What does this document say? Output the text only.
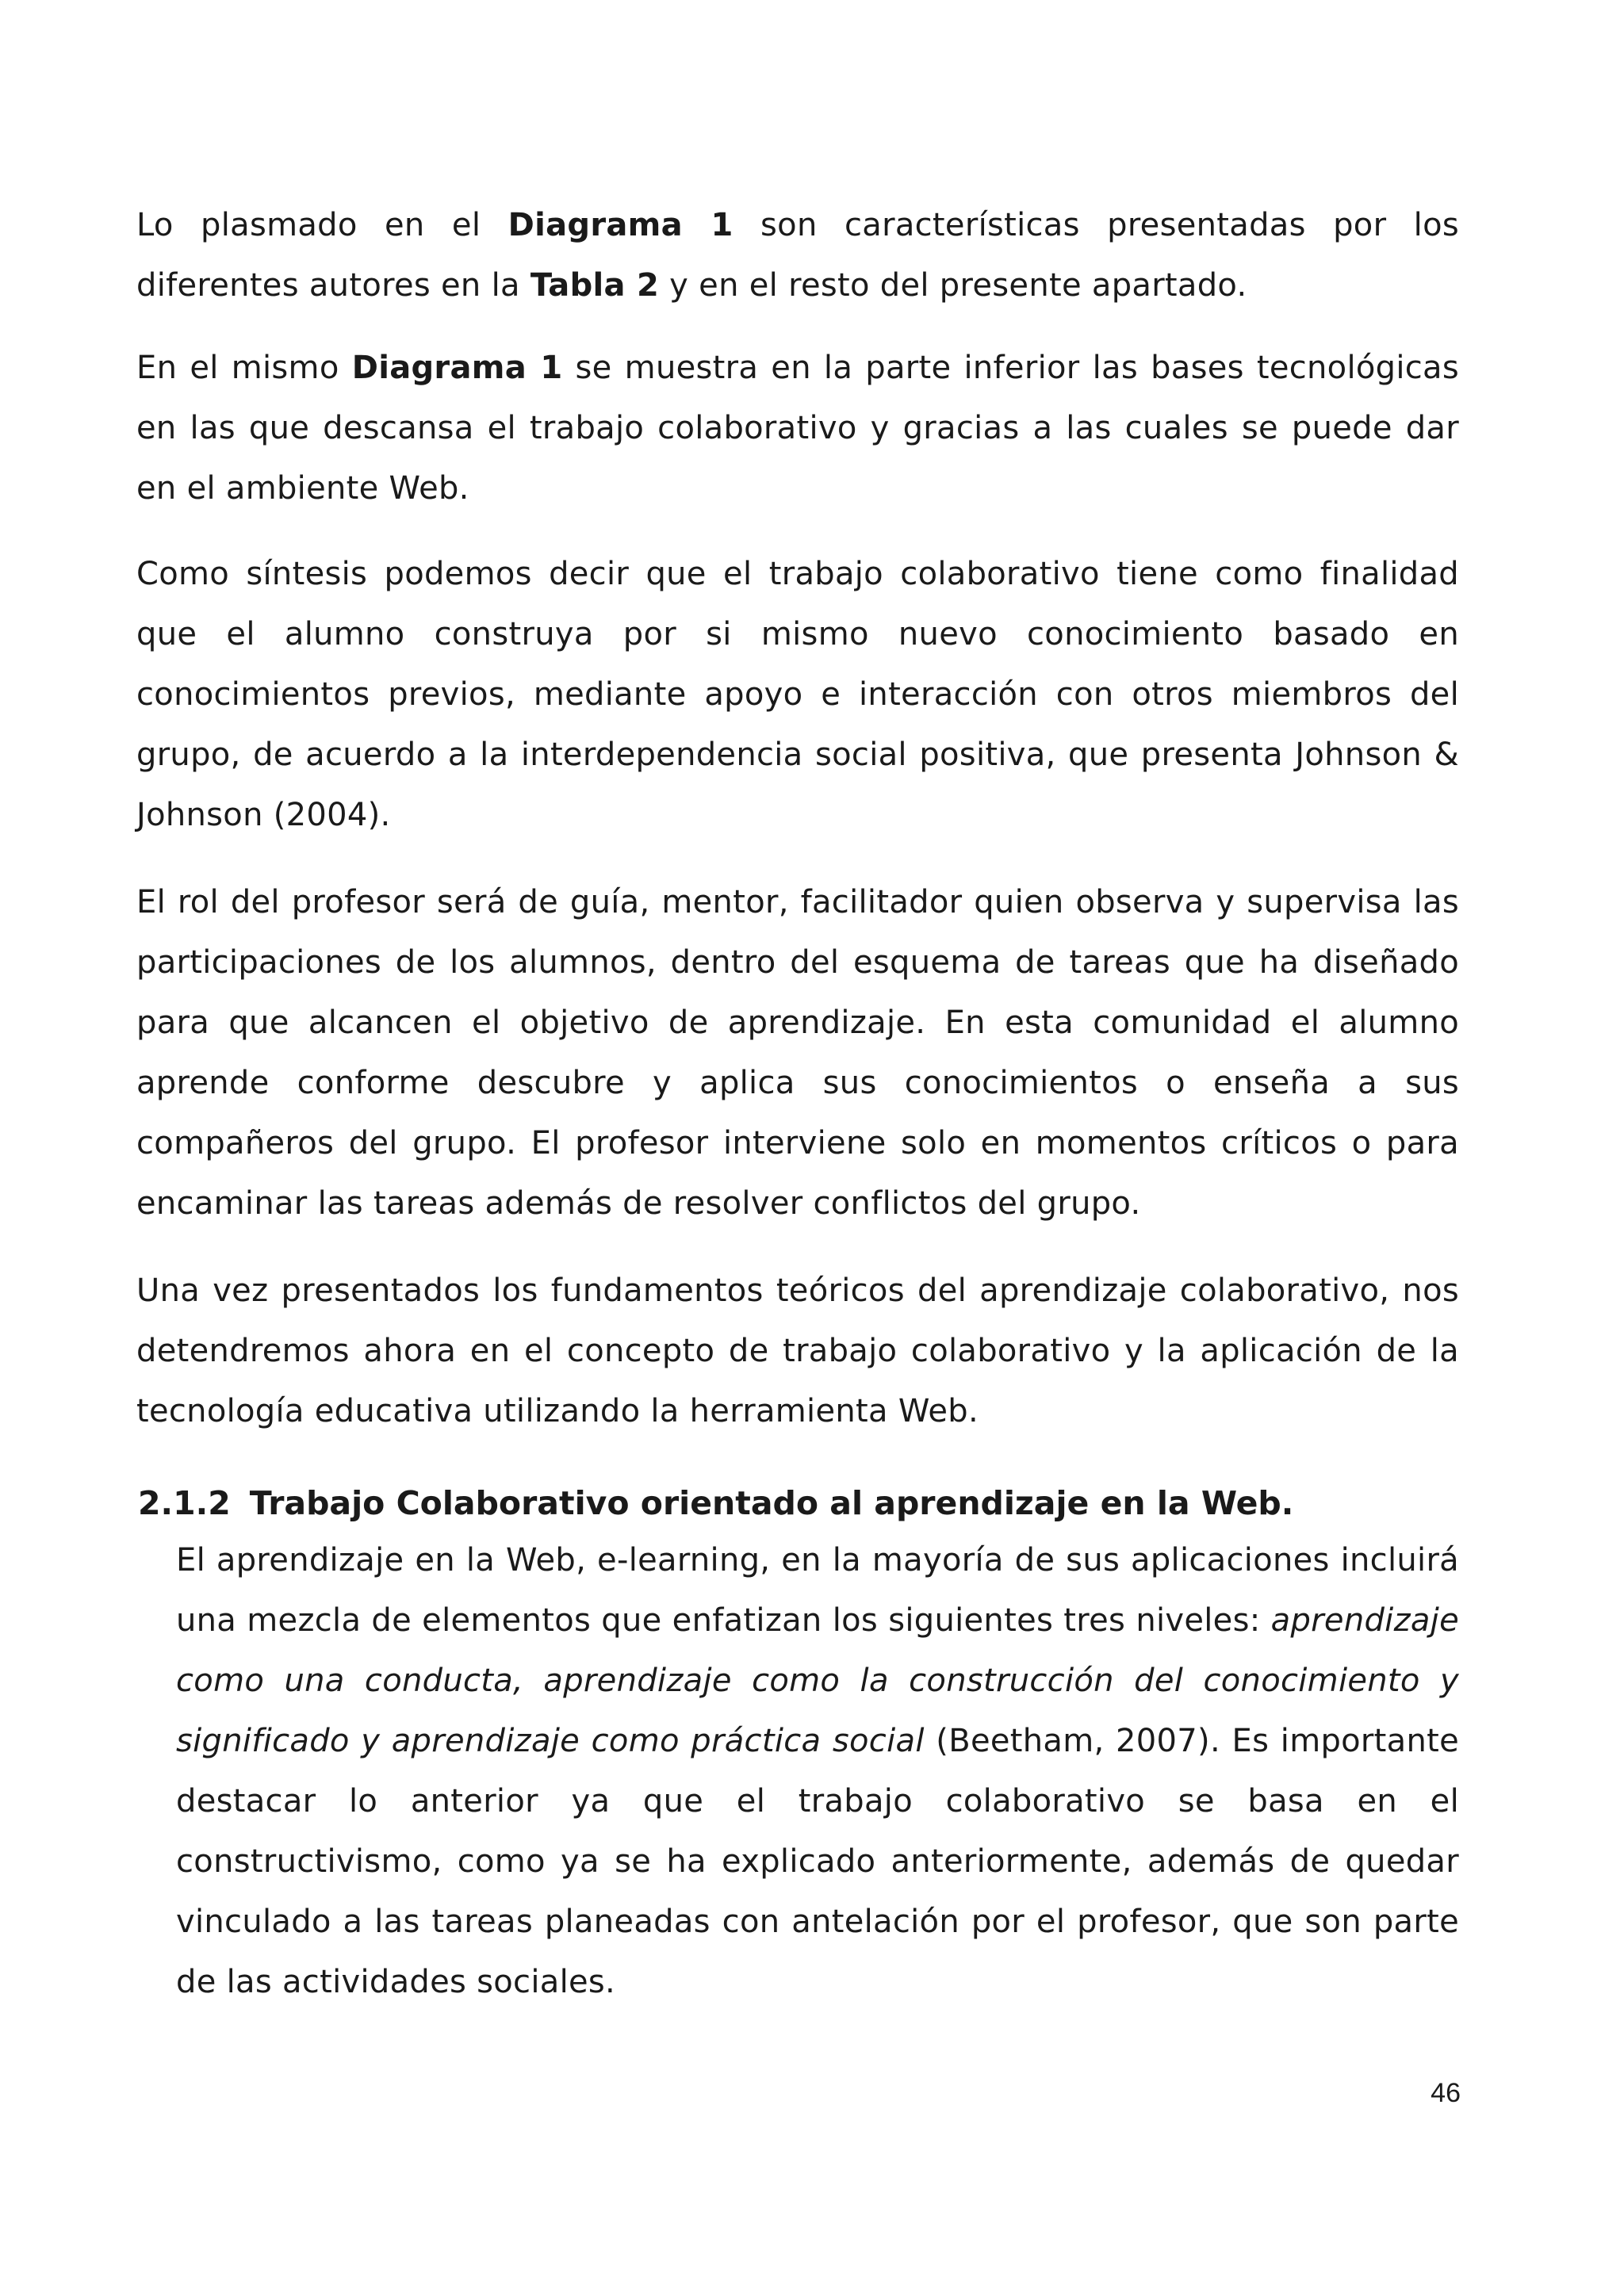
Lo plasmado en el Diagrama 1 son características presentadas por los diferentes autores en la Tabla 2 y en el resto del presente apartado.

En el mismo Diagrama 1 se muestra en la parte inferior las bases tecnológicas en las que descansa el trabajo colaborativo y gracias a las cuales se puede dar en el ambiente Web.

Como síntesis podemos decir que el trabajo colaborativo tiene como finalidad que el alumno construya por si mismo nuevo conocimiento basado en conocimientos previos, mediante apoyo e interacción con otros miembros del grupo, de acuerdo a la interdependencia social positiva, que presenta Johnson & Johnson (2004).

El rol del profesor será de guía, mentor, facilitador quien observa y supervisa las participaciones de los alumnos, dentro del esquema de tareas que ha diseñado para que alcancen el objetivo de aprendizaje. En esta comunidad el alumno aprende conforme descubre y aplica sus conocimientos o enseña a sus compañeros del grupo. El profesor interviene solo en momentos críticos o para encaminar las tareas además de resolver conflictos del grupo.

Una vez presentados los fundamentos teóricos del aprendizaje colaborativo, nos detendremos ahora en el concepto de trabajo colaborativo y la aplicación de la tecnología educativa utilizando la herramienta Web.

2.1.2 Trabajo Colaborativo orientado al aprendizaje en la Web.

El aprendizaje en la Web, e-learning, en la mayoría de sus aplicaciones incluirá una mezcla de elementos que enfatizan los siguientes tres niveles: aprendizaje como una conducta, aprendizaje como la construcción del conocimiento y significado y aprendizaje como práctica social (Beetham, 2007). Es importante destacar lo anterior ya que el trabajo colaborativo se basa en el constructivismo, como ya se ha explicado anteriormente, además de quedar vinculado a las tareas planeadas con antelación por el profesor, que son parte de las actividades sociales.

46
